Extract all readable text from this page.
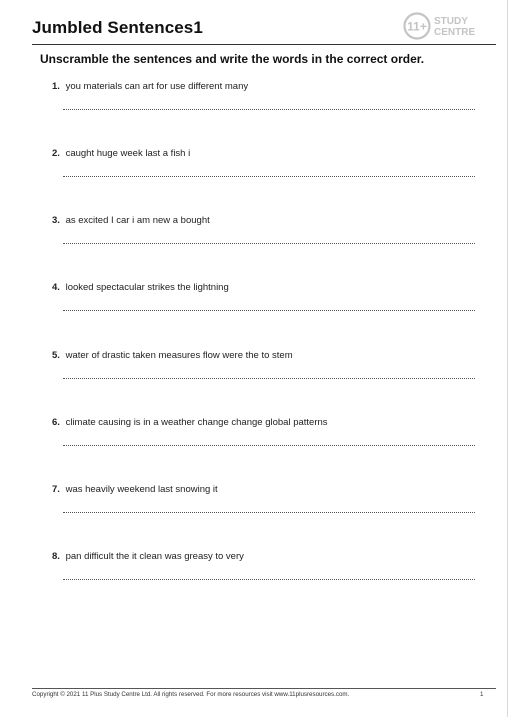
Jumbled Sentences1	11+ STUDY
CENTRE
Unscramble the sentences and write the words in the correct order.
1. you materials can art for use different many
2. caught huge week last a fish i
3. as excited I car i am new a bought
4. looked spectacular strikes the lightning
5. water of drastic taken measures flow were the to stem
6. climate causing is in a weather change change global patterns
7. was heavily weekend last snowing it
8. pan difficult the it clean was greasy to very
Copyright © 2021 11 Plus Study Centre Ltd. All rights reserved. For more resources visit www.11plusresources.com.	1
